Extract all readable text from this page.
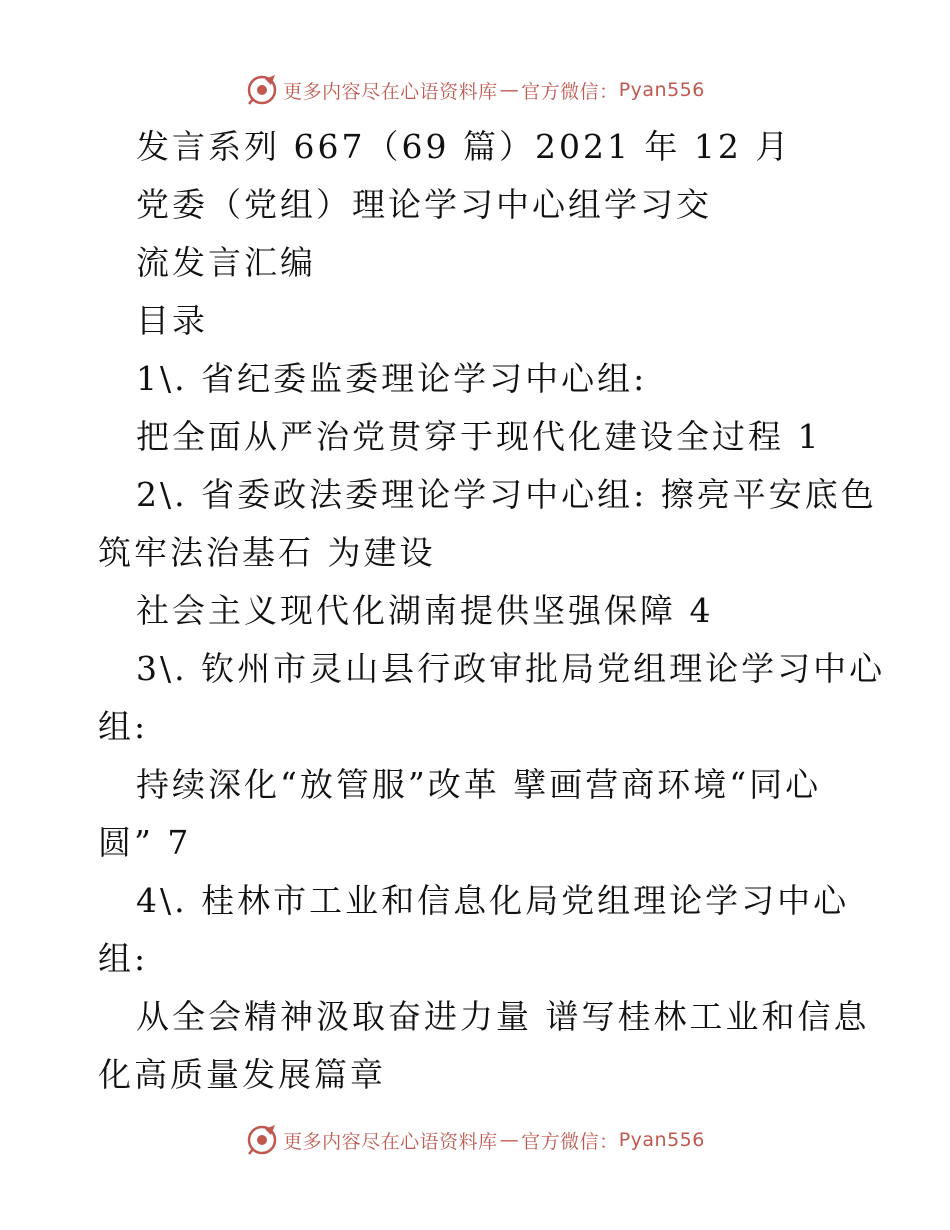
更多内容尽在心语资料库 — 官方微信： Pyan556
发言系列 667（69 篇）2021 年 12 月
党委（党组）理论学习中心组学习交
流发言汇编
目录
1\. 省纪委监委理论学习中心组:
把全面从严治党贯穿于现代化建设全过程 1
2\. 省委政法委理论学习中心组: 擦亮平安底色
筑牢法治基石 为建设
社会主义现代化湖南提供坚强保障 4
3\. 钦州市灵山县行政审批局党组理论学习中心
组:
持续深化“放管服”改革 擘画营商环境“同心
圆” 7
4\. 桂林市工业和信息化局党组理论学习中心
组:
从全会精神汲取奋进力量 谱写桂林工业和信息
化高质量发展篇章
更多内容尽在心语资料库 — 官方微信： Pyan556
